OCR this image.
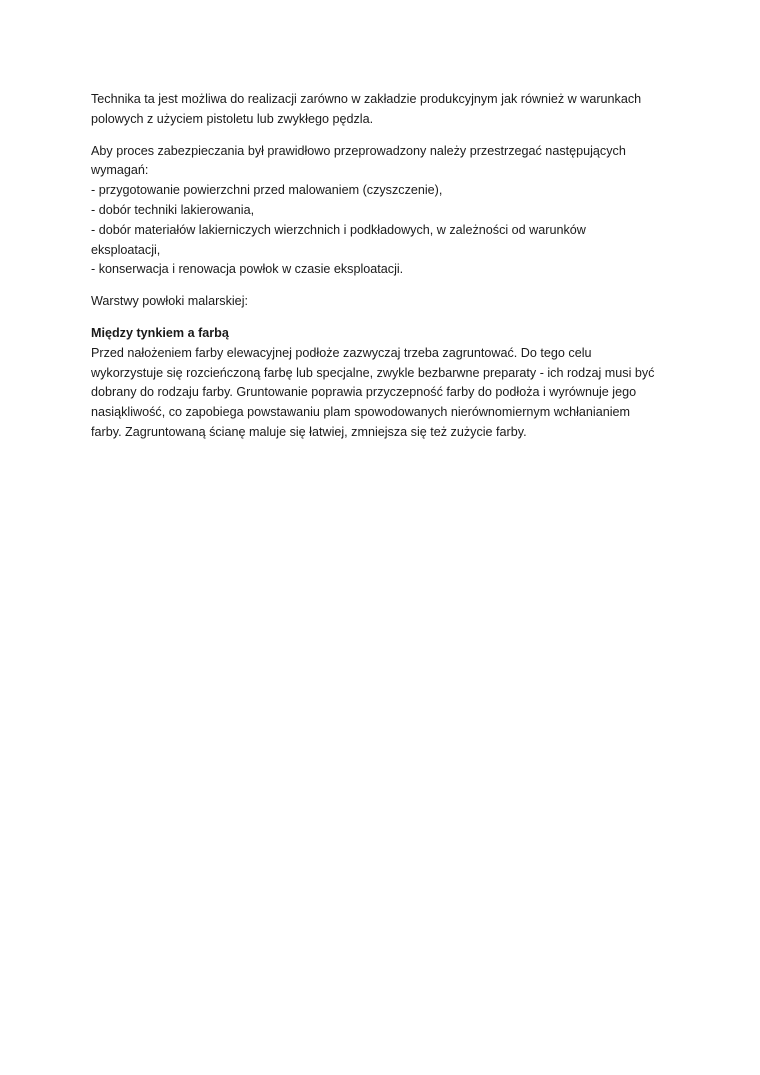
Technika ta jest możliwa do realizacji zarówno w zakładzie produkcyjnym jak również w warunkach
polowych z użyciem pistoletu lub zwykłego pędzla.

Aby proces zabezpieczania był prawidłowo przeprowadzony należy przestrzegać następujących
wymagań:
- przygotowanie powierzchni przed malowaniem (czyszczenie),
- dobór techniki lakierowania,
- dobór materiałów lakierniczych wierzchnich i podkładowych, w zależności od warunków
eksploatacji,
- konserwacja i renowacja powłok w czasie eksploatacji.

Warstwy powłoki malarskiej:

Między tynkiem a farbą
Przed nałożeniem farby elewacyjnej podłoże zazwyczaj trzeba zagruntować. Do tego celu
wykorzystuje się rozcieńczoną farbę lub specjalne, zwykle bezbarwne preparaty - ich rodzaj musi być
dobrany do rodzaju farby. Gruntowanie poprawia przyczepność farby do podłoża i wyrównuje jego
nasiąkliwość, co zapobiega powstawaniu plam spowodowanych nierównomiernym wchłanianiem
farby. Zagruntowaną ścianę maluje się łatwiej, zmniejsza się też zużycie farby.
